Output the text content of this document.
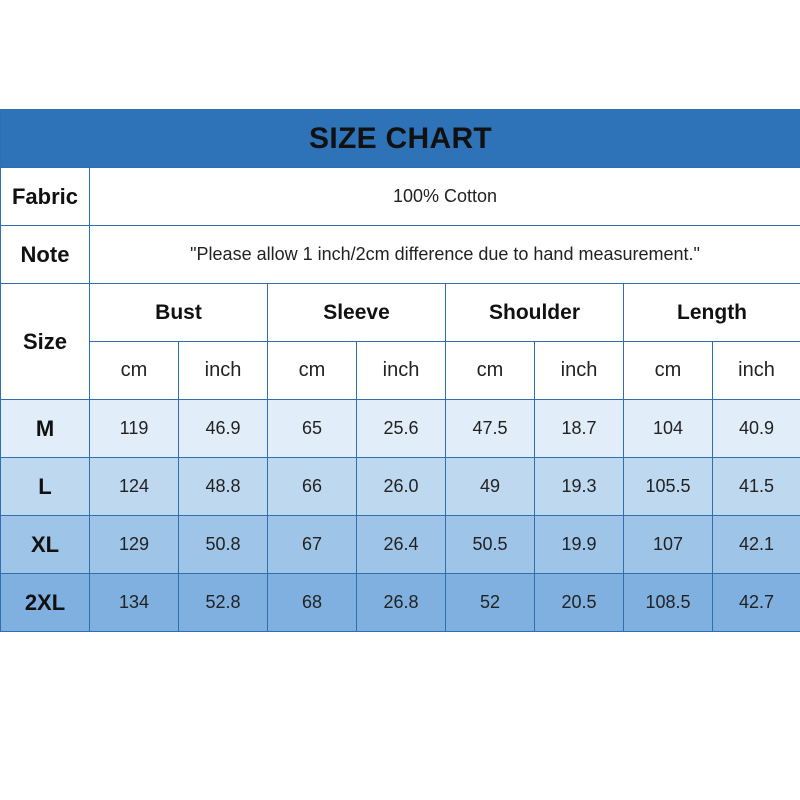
SIZE CHART								
Fabric	100% Cotton							
Note	"Please allow 1 inch/2cm difference due to hand measurement."							
Size	Bust		Sleeve		Shoulder		Length	
	cm	inch	cm	inch	cm	inch	cm	inch
M	119	46.9	65	25.6	47.5	18.7	104	40.9
L	124	48.8	66	26.0	49	19.3	105.5	41.5
XL	129	50.8	67	26.4	50.5	19.9	107	42.1
2XL	134	52.8	68	26.8	52	20.5	108.5	42.7
